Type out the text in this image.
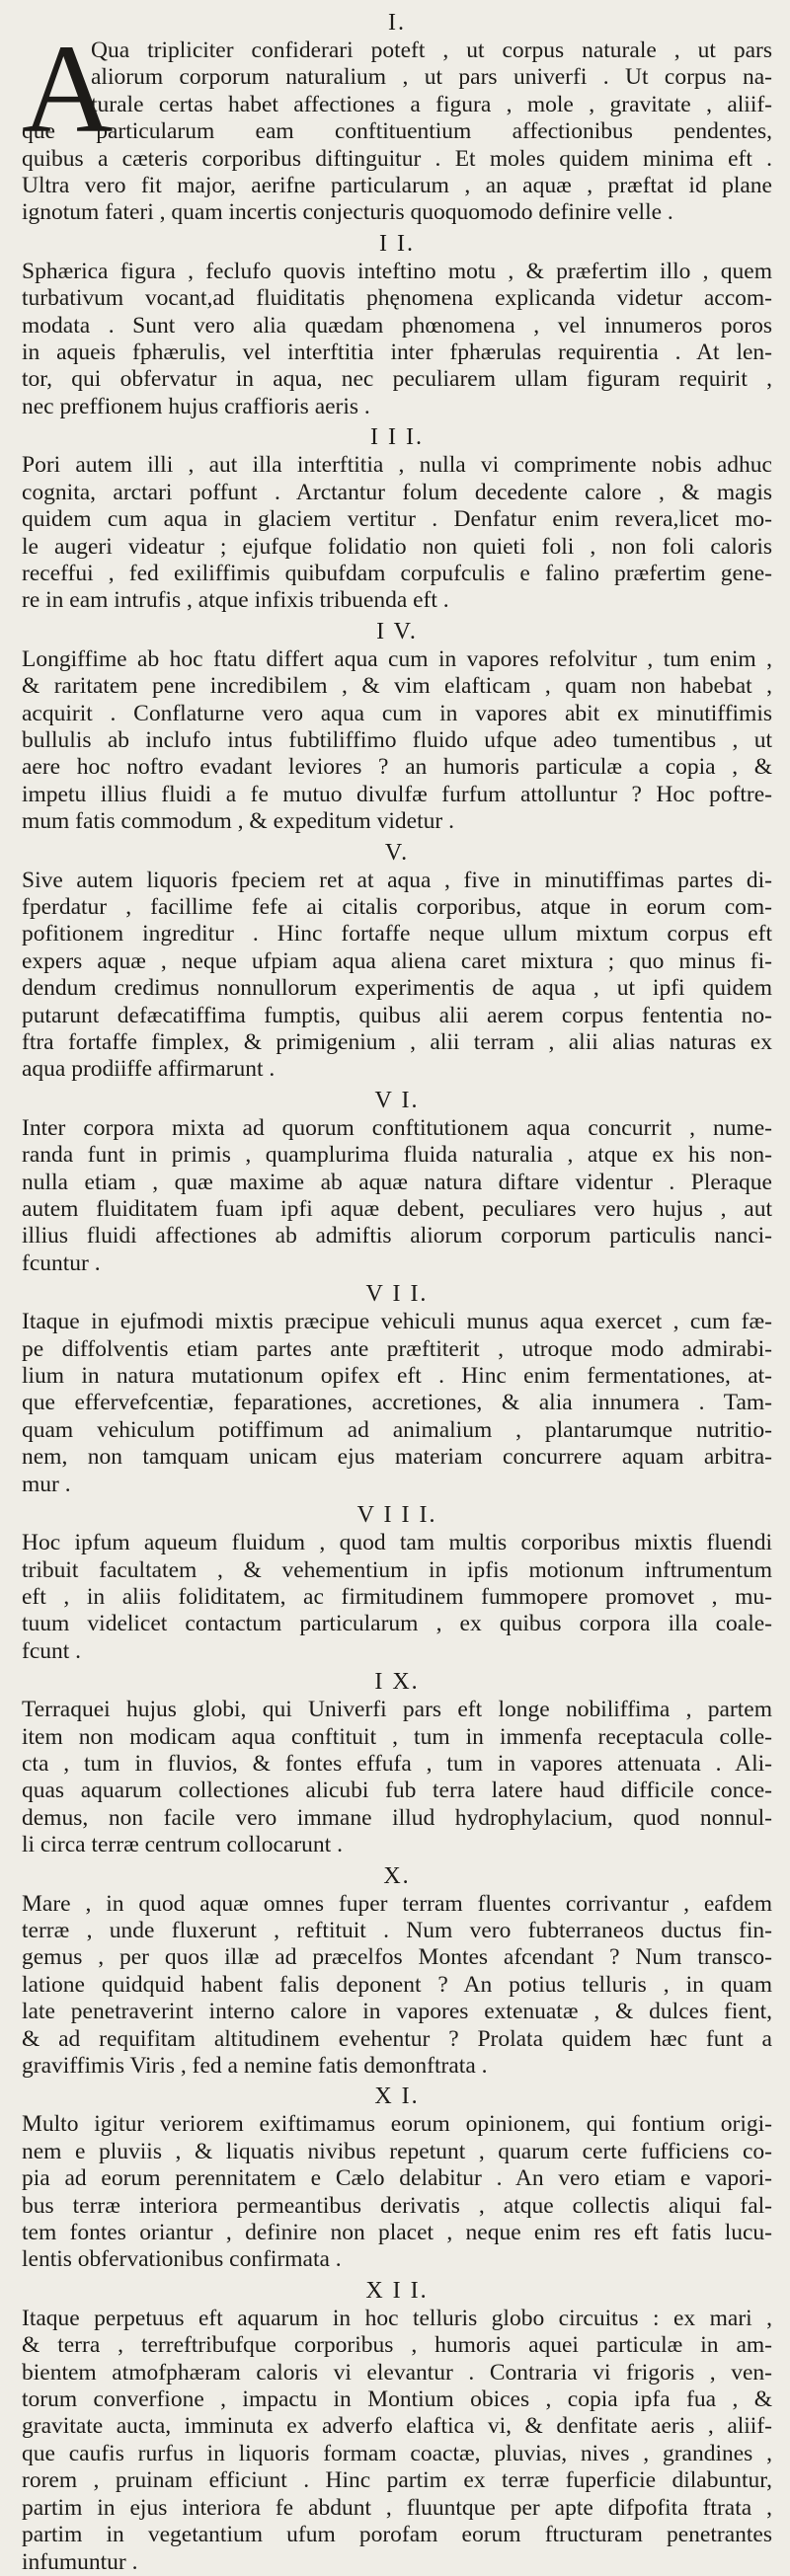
I.
A
Qua tripliciter confiderari poteft , ut corpus naturale , ut pars
aliorum corporum naturalium , ut pars univerfi . Ut corpus na-
turale certas habet affectiones a figura , mole , gravitate , aliif-
que particularum eam conftituentium affectionibus pendentes,
quibus a cæteris corporibus diftinguitur . Et moles quidem minima eft .
Ultra vero fit major, aerifne particularum , an aquæ , præftat id plane
ignotum fateri , quam incertis conjecturis quoquomodo definire velle .
I I.
Sphærica figura , feclufo quovis inteftino motu , & præfertim illo , quem
turbativum vocant,ad fluiditatis phęnomena explicanda videtur accom-
modata . Sunt vero alia quædam phœnomena , vel innumeros poros
in aqueis fphærulis, vel interftitia inter fphærulas requirentia . At len-
tor, qui obfervatur in aqua, nec peculiarem ullam figuram requirit ,
nec preffionem hujus craffioris aeris .
I I I.
Pori autem illi , aut illa interftitia , nulla vi comprimente nobis adhuc
cognita, arctari poffunt . Arctantur folum decedente calore , & magis
quidem cum aqua in glaciem vertitur . Denfatur enim revera,licet mo-
le augeri videatur ; ejufque folidatio non quieti foli , non foli caloris
receffui , fed exiliffimis quibufdam corpufculis e falino præfertim gene-
re in eam intrufis , atque infixis tribuenda eft .
I V.
Longiffime ab hoc ftatu differt aqua cum in vapores refolvitur , tum enim ,
& raritatem pene incredibilem , & vim elafticam , quam non habebat ,
acquirit . Conflaturne vero aqua cum in vapores abit ex minutiffimis
bullulis ab inclufo intus fubtiliffimo fluido ufque adeo tumentibus , ut
aere hoc noftro evadant leviores ? an humoris particulæ a copia , &
impetu illius fluidi a fe mutuo divulfæ furfum attolluntur ? Hoc poftre-
mum fatis commodum , & expeditum videtur .
V.
Sive autem liquoris fpeciem ret at aqua , five in minutiffimas partes di-
fperdatur , facillime fefe ai citalis corporibus, atque in eorum com-
pofitionem ingreditur . Hinc fortaffe neque ullum mixtum corpus eft
expers aquæ , neque ufpiam aqua aliena caret mixtura ; quo minus fi-
dendum credimus nonnullorum experimentis de aqua , ut ipfi quidem
putarunt defæcatiffima fumptis, quibus alii aerem corpus fententia no-
ftra fortaffe fimplex, & primigenium , alii terram , alii alias naturas ex
aqua prodiiffe affirmarunt .
V I.
Inter corpora mixta ad quorum conftitutionem aqua concurrit , nume-
randa funt in primis , quamplurima fluida naturalia , atque ex his non-
nulla etiam , quæ maxime ab aquæ natura diftare videntur . Pleraque
autem fluiditatem fuam ipfi aquæ debent, peculiares vero hujus , aut
illius fluidi affectiones ab admiftis aliorum corporum particulis nanci-
fcuntur .
V I I.
Itaque in ejufmodi mixtis præcipue vehiculi munus aqua exercet , cum fæ-
pe diffolventis etiam partes ante præftiterit , utroque modo admirabi-
lium in natura mutationum opifex eft . Hinc enim fermentationes, at-
que effervefcentiæ, feparationes, accretiones, & alia innumera . Tam-
quam vehiculum potiffimum ad animalium , plantarumque nutritio-
nem, non tamquam unicam ejus materiam concurrere aquam arbitra-
mur .
V I I I.
Hoc ipfum aqueum fluidum , quod tam multis corporibus mixtis fluendi
tribuit facultatem , & vehementium in ipfis motionum inftrumentum
eft , in aliis foliditatem, ac firmitudinem fummopere promovet , mu-
tuum videlicet contactum particularum , ex quibus corpora illa coale-
fcunt .
I X.
Terraquei hujus globi, qui Univerfi pars eft longe nobiliffima , partem
item non modicam aqua conftituit , tum in immenfa receptacula colle-
cta , tum in fluvios, & fontes effufa , tum in vapores attenuata . Ali-
quas aquarum collectiones alicubi fub terra latere haud difficile conce-
demus, non facile vero immane illud hydrophylacium, quod nonnul-
li circa terræ centrum collocarunt .
X.
Mare , in quod aquæ omnes fuper terram fluentes corrivantur , eafdem
terræ , unde fluxerunt , reftituit . Num vero fubterraneos ductus fin-
gemus , per quos illæ ad præcelfos Montes afcendant ? Num transco-
latione quidquid habent falis deponent ? An potius telluris , in quam
late penetraverint interno calore in vapores extenuatæ , & dulces fient,
& ad requifitam altitudinem evehentur ? Prolata quidem hæc funt a
graviffimis Viris , fed a nemine fatis demonftrata .
X I.
Multo igitur veriorem exiftimamus eorum opinionem, qui fontium origi-
nem e pluviis , & liquatis nivibus repetunt , quarum certe fufficiens co-
pia ad eorum perennitatem e Cælo delabitur . An vero etiam e vapori-
bus terræ interiora permeantibus derivatis , atque collectis aliqui fal-
tem fontes oriantur , definire non placet , neque enim res eft fatis lucu-
lentis obfervationibus confirmata .
X I I.
Itaque perpetuus eft aquarum in hoc telluris globo circuitus : ex mari ,
& terra , terreftribufque corporibus , humoris aquei particulæ in am-
bientem atmofphæram caloris vi elevantur . Contraria vi frigoris , ven-
torum converfione , impactu in Montium obices , copia ipfa fua , &
gravitate aucta, imminuta ex adverfo elaftica vi, & denfitate aeris , aliif-
que caufis rurfus in liquoris formam coactæ, pluvias, nives , grandines ,
rorem , pruinam efficiunt . Hinc partim ex terræ fuperficie dilabuntur,
partim in ejus interiora fe abdunt , fluuntque per apte difpofita ftrata ,
partim in vegetantium ufum porofam eorum ftructuram penetrantes
infumuntur .
